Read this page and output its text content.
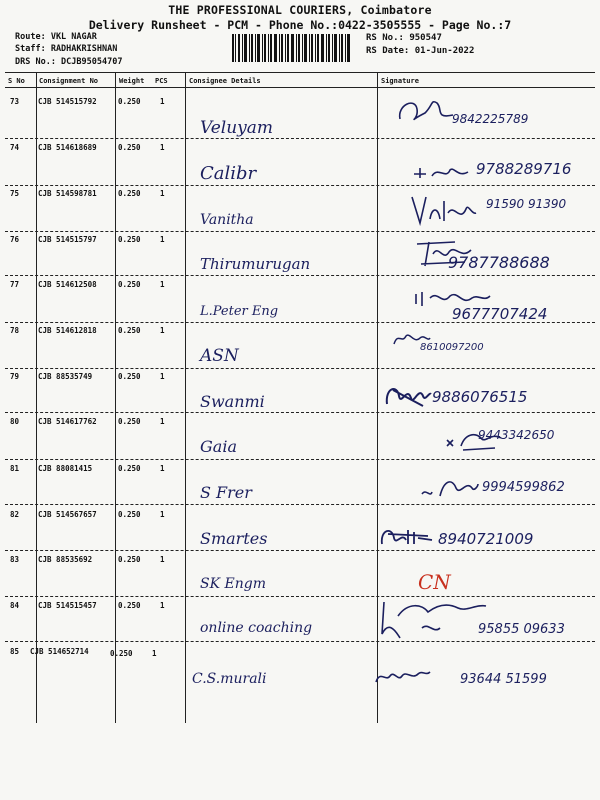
THE PROFESSIONAL COURIERS, Coimbatore
Delivery Runsheet - PCM - Phone No.:0422-3505555 - Page No.:7
Route: VKL NAGAR
Staff: RADHAKRISHNAN
DRS No.: DCJB95054707
RS No.: 950547
RS Date: 01-Jun-2022
S No Consignment No	Weight PCS	Consignee Details	Signature
73	CJB 514515792	0.250	1
Veluyam	9842225789
74	CJB 514618689	0.250	1
Calibr	9788289716
75	CJB 514598781	0.250	1
Vanitha
91590 91390
76	CJB 514515797	0.250	1
Thirumurugan	9787788688
77	CJB 514612508	0.250	1
L.Peter Eng	9677707424
78	CJB 514612818	0.250	1
ASN	8610097200
79	CJB 88535749	0.250	1
Swanmi	9886076515
80	CJB 514617762	0.250	1
Gaia
9443342650
81	CJB 88081415	0.250	1
S Frer	9994599862
82	CJB 514567657	0.250	1
Smartes	8940721009
83	CJB 88535692	0.250	1
SK Engm	CN
84	CJB 514515457	0.250	1
online coaching	95855 09633
85 CJB 514652714	0.250	1
C.S.murali	93644 51599
